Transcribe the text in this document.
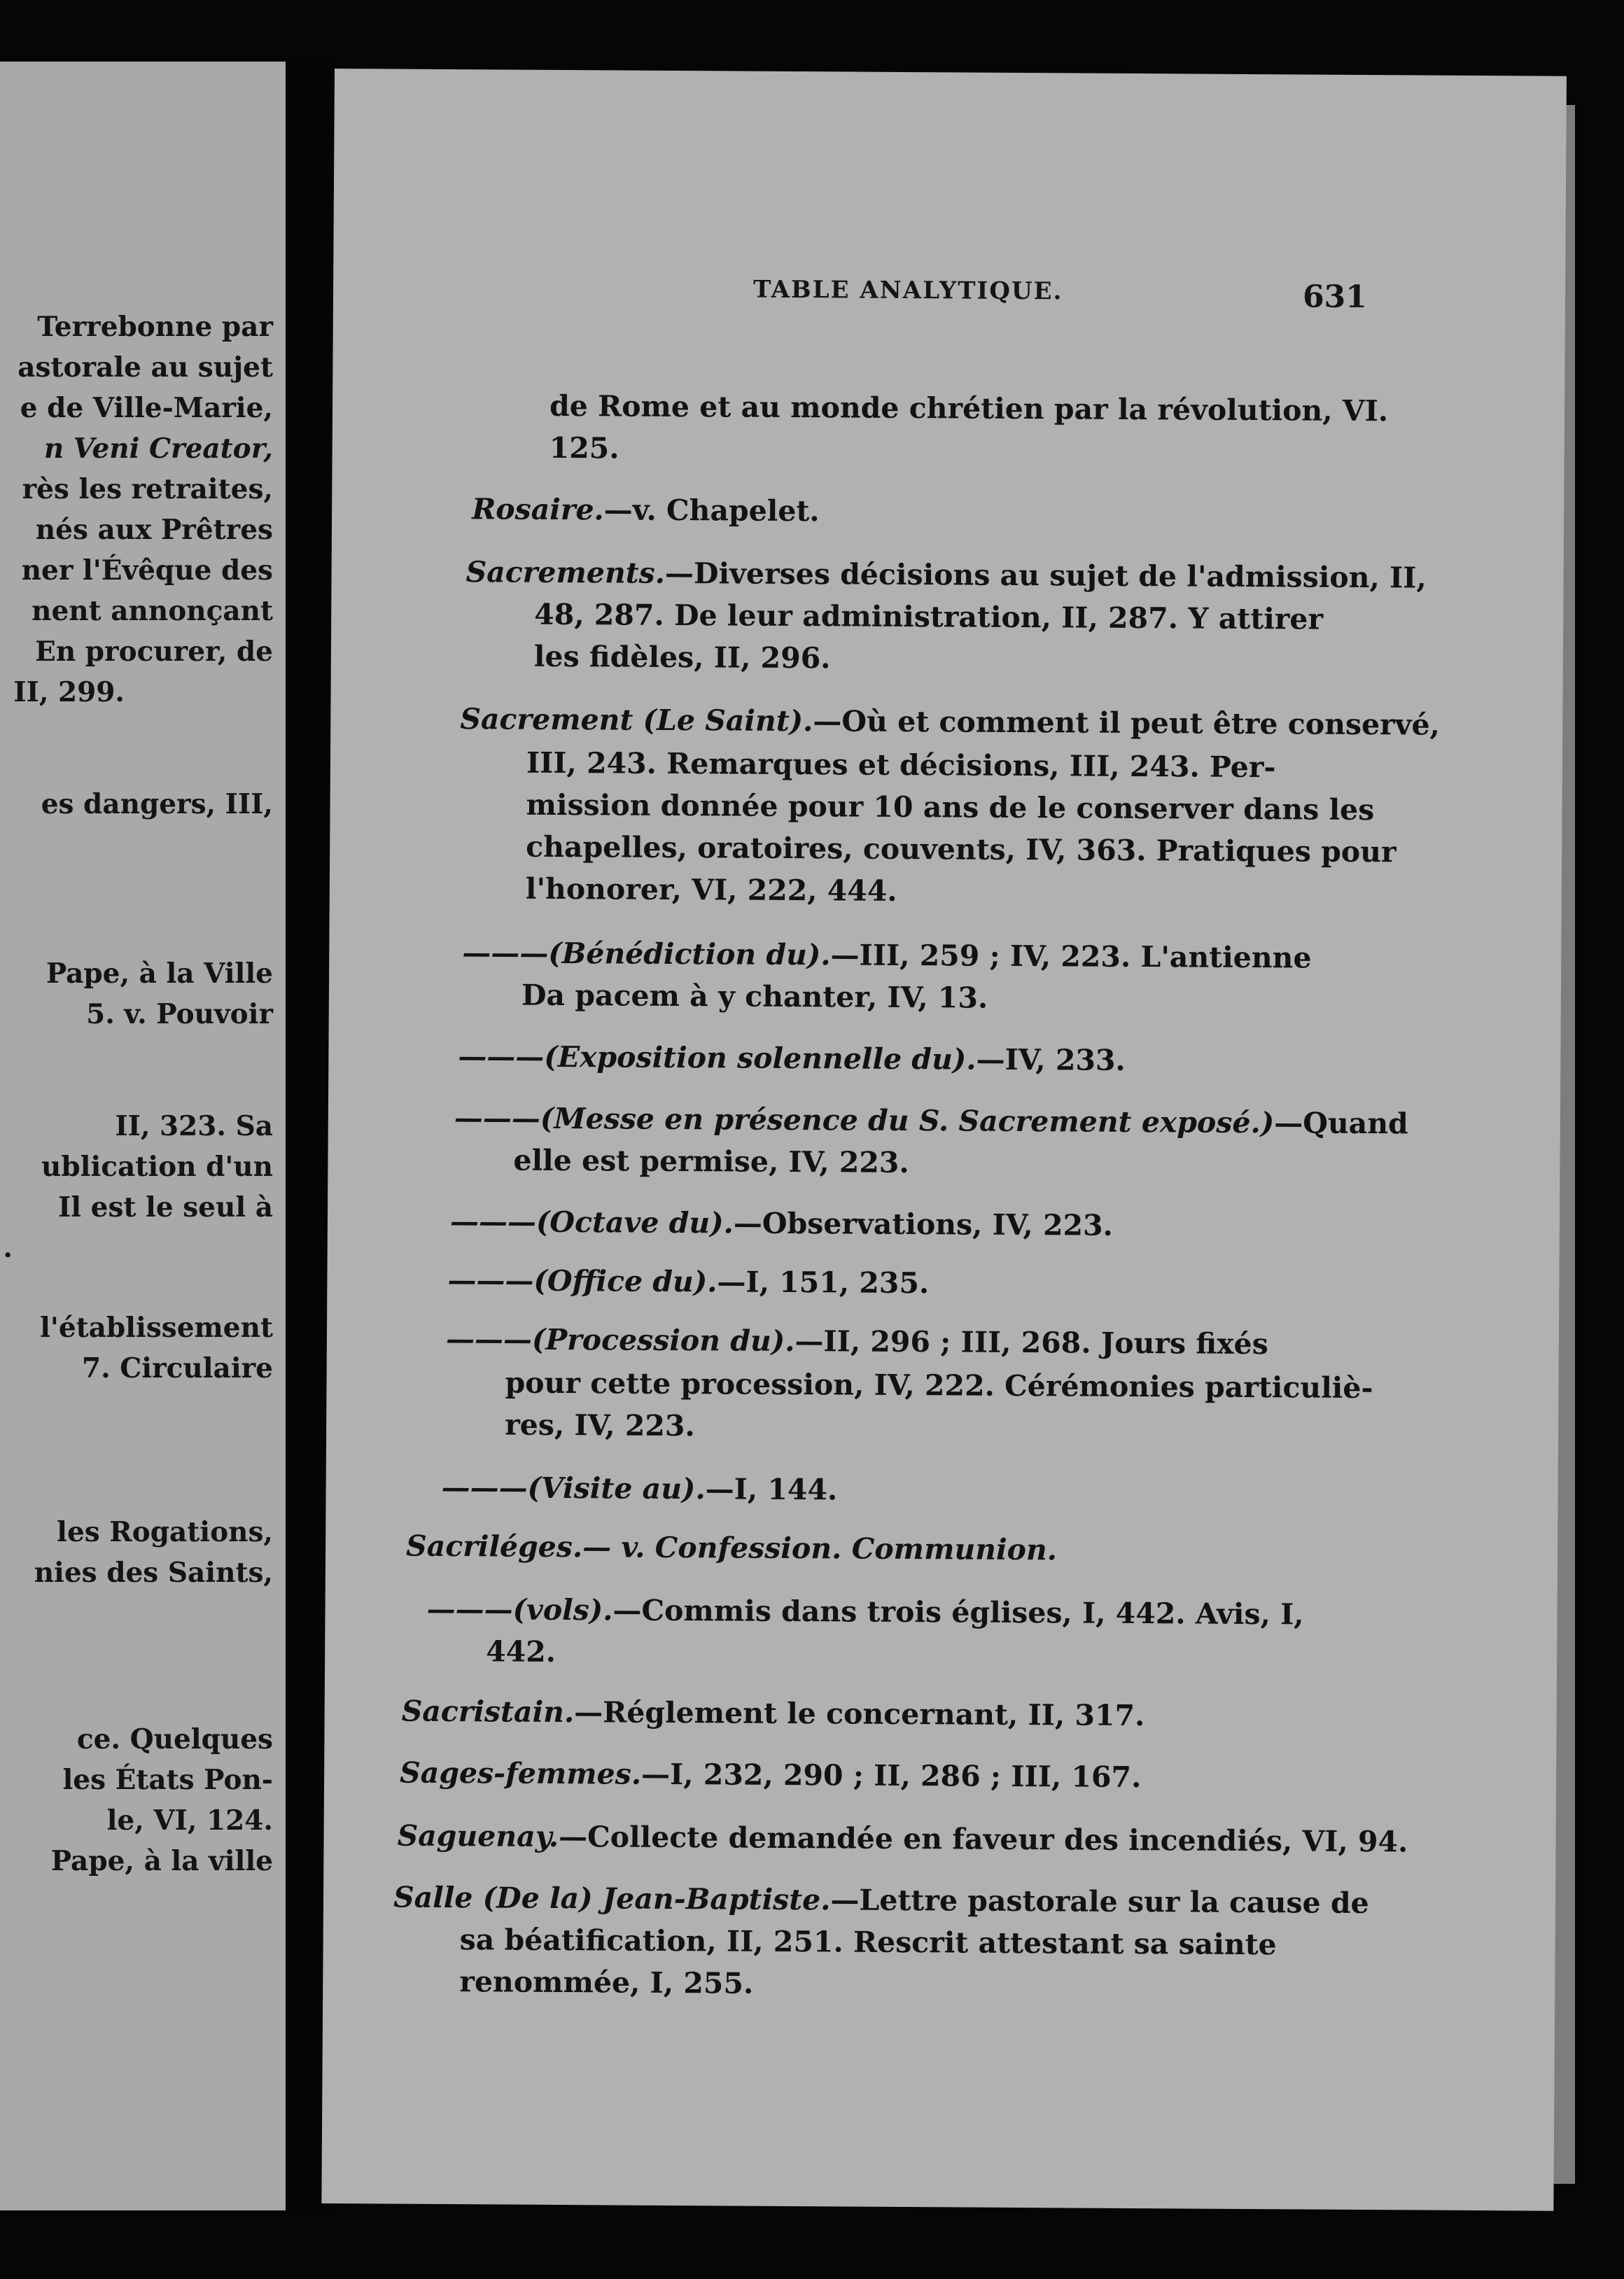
Terrebonne par
astorale au sujet
e de Ville-Marie,
n Veni Creator,
rès les retraites,
nés aux Prêtres
ner l'Évêque des
nent annonçant
En procurer, de
II, 299.
es dangers, III,
Pape, à la Ville
5. v. Pouvoir
II, 323. Sa
ublication d'un
Il est le seul à
.
l'établissement
7. Circulaire
les Rogations,
nies des Saints,
ce. Quelques
les États Pon-
le, VI, 124.
Pape, à la ville
TABLE ANALYTIQUE.	631
de Rome et au monde chrétien par la révolution, VI.
125.
Rosaire.—v. Chapelet.
Sacrements.—Diverses décisions au sujet de l'admission, II,
48, 287. De leur administration, II, 287. Y attirer
les fidèles, II, 296.
Sacrement (Le Saint).—Où et comment il peut être conservé,
III, 243. Remarques et décisions, III, 243. Per-
mission donnée pour 10 ans de le conserver dans les
chapelles, oratoires, couvents, IV, 363. Pratiques pour
l'honorer, VI, 222, 444.
———(Bénédiction du).—III, 259 ; IV, 223. L'antienne
Da pacem à y chanter, IV, 13.
———(Exposition solennelle du).—IV, 233.
———(Messe en présence du S. Sacrement exposé.)—Quand
elle est permise, IV, 223.
———(Octave du).—Observations, IV, 223.
———(Office du).—I, 151, 235.
———(Procession du).—II, 296 ; III, 268. Jours fixés
pour cette procession, IV, 222. Cérémonies particuliè-
res, IV, 223.
———(Visite au).—I, 144.
Sacriléges.— v. Confession. Communion.
———(vols).—Commis dans trois églises, I, 442. Avis, I,
442.
Sacristain.—Réglement le concernant, II, 317.
Sages-femmes.—I, 232, 290 ; II, 286 ; III, 167.
Saguenay.—Collecte demandée en faveur des incendiés, VI, 94.
Salle (De la) Jean-Baptiste.—Lettre pastorale sur la cause de
sa béatification, II, 251. Rescrit attestant sa sainte
renommée, I, 255.
